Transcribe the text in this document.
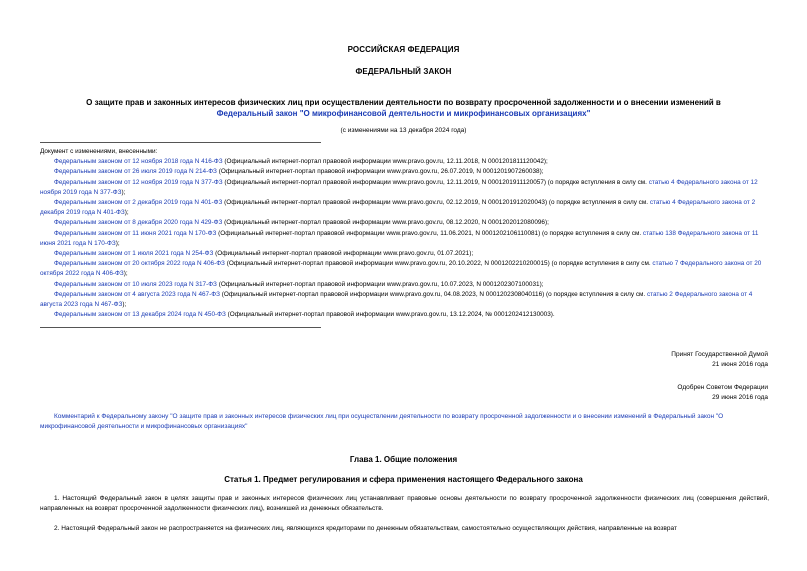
РОССИЙСКАЯ ФЕДЕРАЦИЯ
ФЕДЕРАЛЬНЫЙ ЗАКОН
О защите прав и законных интересов физических лиц при осуществлении деятельности по возврату просроченной задолженности и о внесении изменений в
Федеральный закон "О микрофинансовой деятельности и микрофинансовых организациях"
(с изменениями на 13 декабря 2024 года)
Документ с изменениями, внесенными:
Федеральным законом от 12 ноября 2018 года N 416-ФЗ (Официальный интернет-портал правовой информации www.pravo.gov.ru, 12.11.2018, N 0001201811120042);
Федеральным законом от 26 июля 2019 года N 214-ФЗ (Официальный интернет-портал правовой информации www.pravo.gov.ru, 26.07.2019, N 0001201907260038);
Федеральным законом от 12 ноября 2019 года N 377-ФЗ (Официальный интернет-портал правовой информации www.pravo.gov.ru, 12.11.2019, N 0001201911120057) (о порядке вступления в силу см. статью 4 Федерального закона от 12 ноября 2019 года N 377-ФЗ);
Федеральным законом от 2 декабря 2019 года N 401-ФЗ (Официальный интернет-портал правовой информации www.pravo.gov.ru, 02.12.2019, N 0001201912020043) (о порядке вступления в силу см. статью 4 Федерального закона от 2 декабря 2019 года N 401-ФЗ);
Федеральным законом от 8 декабря 2020 года N 429-ФЗ (Официальный интернет-портал правовой информации www.pravo.gov.ru, 08.12.2020, N 0001202012080096);
Федеральным законом от 11 июня 2021 года N 170-ФЗ (Официальный интернет-портал правовой информации www.pravo.gov.ru, 11.06.2021, N 0001202106110081) (о порядке вступления в силу см. статью 138 Федерального закона от 11 июня 2021 года N 170-ФЗ);
Федеральным законом от 1 июля 2021 года N 254-ФЗ (Официальный интернет-портал правовой информации www.pravo.gov.ru, 01.07.2021);
Федеральным законом от 20 октября 2022 года N 406-ФЗ (Официальный интернет-портал правовой информации www.pravo.gov.ru, 20.10.2022, N 0001202210200015) (о порядке вступления в силу см. статью 7 Федерального закона от 20 октября 2022 года N 406-ФЗ);
Федеральным законом от 10 июля 2023 года N 317-ФЗ (Официальный интернет-портал правовой информации www.pravo.gov.ru, 10.07.2023, N 0001202307100031);
Федеральным законом от 4 августа 2023 года N 467-ФЗ (Официальный интернет-портал правовой информации www.pravo.gov.ru, 04.08.2023, N 0001202308040116) (о порядке вступления в силу см. статью 2 Федерального закона от 4 августа 2023 года N 467-ФЗ);
Федеральным законом от 13 декабря 2024 года N 450-ФЗ (Официальный интернет-портал правовой информации www.pravo.gov.ru, 13.12.2024, № 0001202412130003).
Принят Государственной Думой
21 июня 2016 года
Одобрен Советом Федерации
29 июня 2016 года
Комментарий к Федеральному закону "О защите прав и законных интересов физических лиц при осуществлении деятельности по возврату просроченной задолженности и о внесении изменений в Федеральный закон "О микрофинансовой деятельности и микрофинансовых организациях"
Глава 1. Общие положения
Статья 1. Предмет регулирования и сфера применения настоящего Федерального закона
1. Настоящий Федеральный закон в целях защиты прав и законных интересов физических лиц устанавливает правовые основы деятельности по возврату просроченной задолженности физических лиц (совершения действий, направленных на возврат просроченной задолженности физических лиц), возникшей из денежных обязательств.
2. Настоящий Федеральный закон не распространяется на физических лиц, являющихся кредиторами по денежным обязательствам, самостоятельно осуществляющих действия, направленные на возврат
